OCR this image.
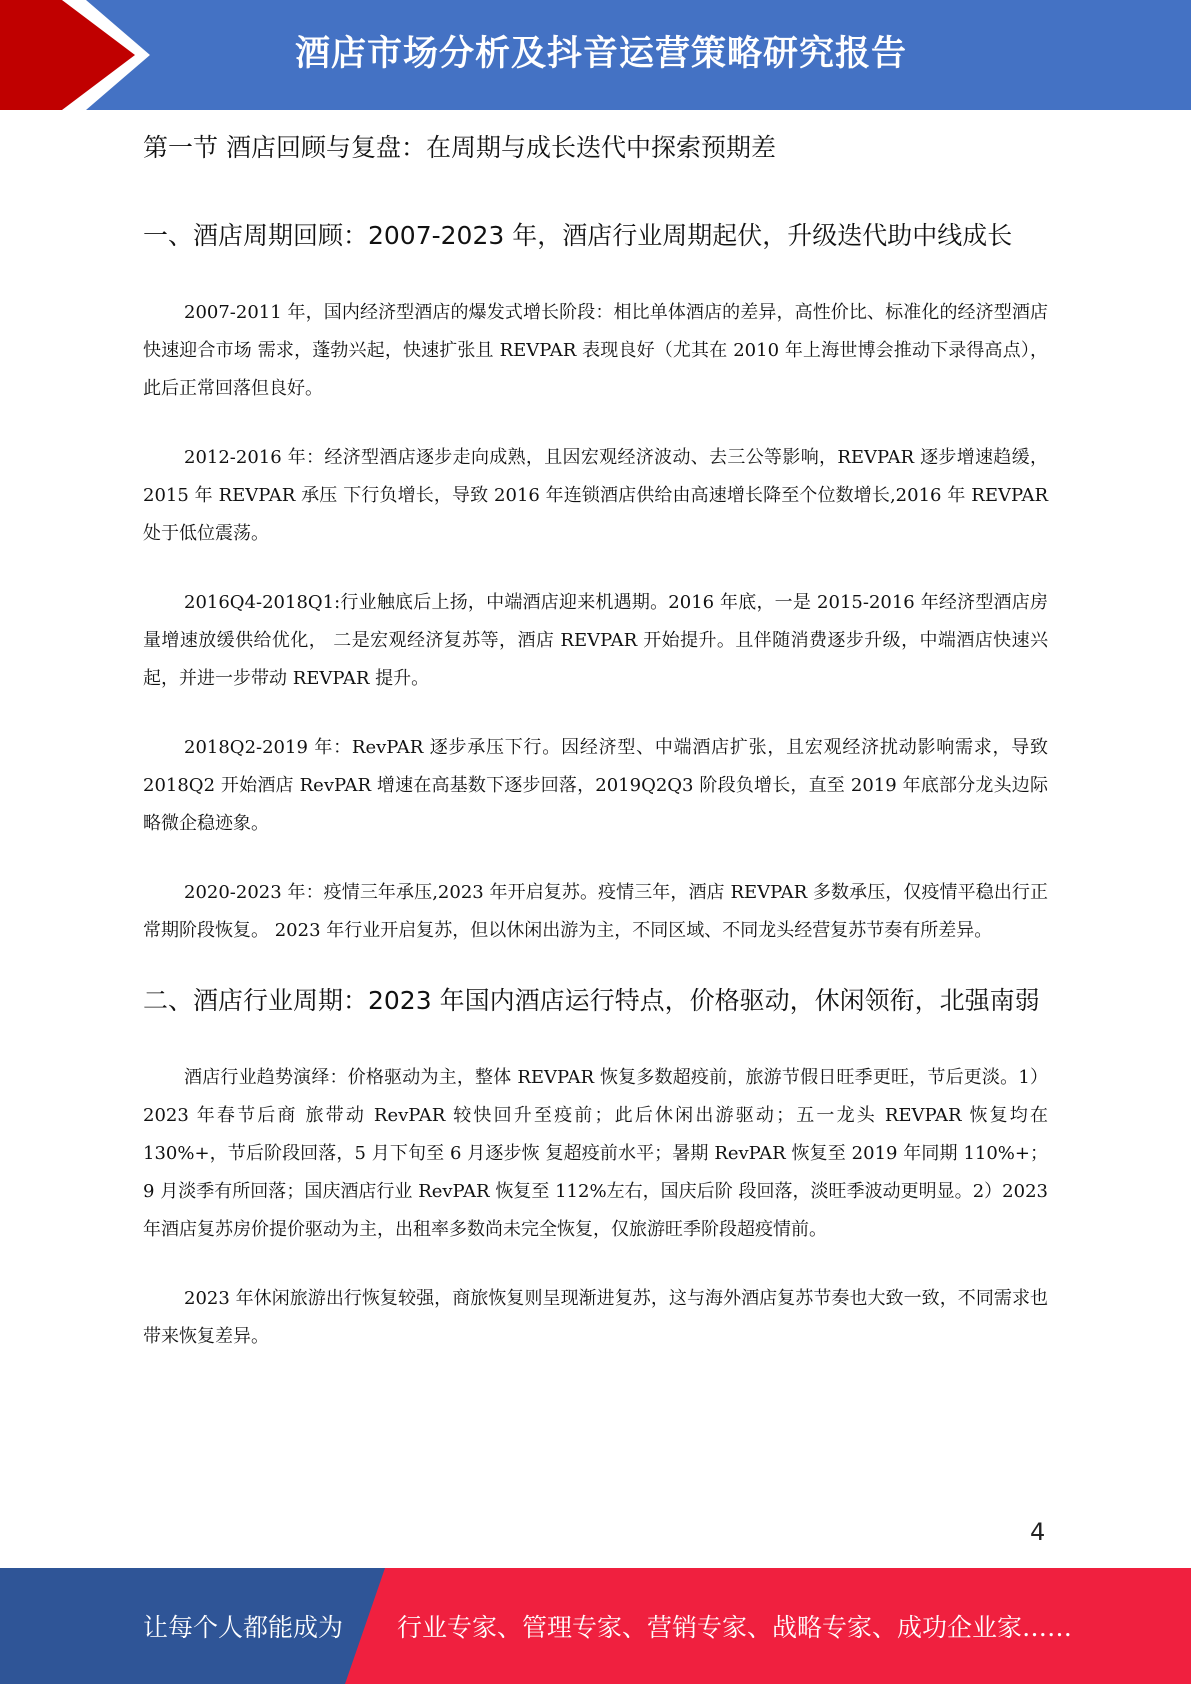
酒店市场分析及抖音运营策略研究报告
第一节 酒店回顾与复盘：在周期与成长迭代中探索预期差
一、酒店周期回顾：2007-2023 年，酒店行业周期起伏，升级迭代助中线成长

2007-2011 年，国内经济型酒店的爆发式增长阶段：相比单体酒店的差异，高性价比、标准化的经济型酒店快速迎合市场 需求，蓬勃兴起，快速扩张且 REVPAR 表现良好（尤其在 2010 年上海世博会推动下录得高点），此后正常回落但良好。

2012-2016 年：经济型酒店逐步走向成熟，且因宏观经济波动、去三公等影响，REVPAR 逐步增速趋缓，2015 年 REVPAR 承压 下行负增长，导致 2016 年连锁酒店供给由高速增长降至个位数增长,2016 年 REVPAR 处于低位震荡。

2016Q4-2018Q1:行业触底后上扬，中端酒店迎来机遇期。2016 年底，一是 2015-2016 年经济型酒店房量增速放缓供给优化， 二是宏观经济复苏等，酒店 REVPAR 开始提升。且伴随消费逐步升级，中端酒店快速兴起，并进一步带动 REVPAR 提升。

2018Q2-2019 年：RevPAR 逐步承压下行。因经济型、中端酒店扩张，且宏观经济扰动影响需求，导致 2018Q2 开始酒店 RevPAR 增速在高基数下逐步回落，2019Q2Q3 阶段负增长，直至 2019 年底部分龙头边际略微企稳迹象。

2020-2023 年：疫情三年承压,2023 年开启复苏。疫情三年，酒店 REVPAR 多数承压，仅疫情平稳出行正常期阶段恢复。 2023 年行业开启复苏，但以休闲出游为主，不同区域、不同龙头经营复苏节奏有所差异。

二、酒店行业周期：2023 年国内酒店运行特点，价格驱动，休闲领衔，北强南弱

酒店行业趋势演绎：价格驱动为主，整体 REVPAR 恢复多数超疫前，旅游节假日旺季更旺，节后更淡。1）2023 年春节后商 旅带动 RevPAR 较快回升至疫前；此后休闲出游驱动；五一龙头 REVPAR 恢复均在 130%+，节后阶段回落，5 月下旬至 6 月逐步恢 复超疫前水平；暑期 RevPAR 恢复至 2019 年同期 110%+；9 月淡季有所回落；国庆酒店行业 RevPAR 恢复至 112%左右，国庆后阶 段回落，淡旺季波动更明显。2）2023 年酒店复苏房价提价驱动为主，出租率多数尚未完全恢复，仅旅游旺季阶段超疫情前。

2023 年休闲旅游出行恢复较强，商旅恢复则呈现渐进复苏，这与海外酒店复苏节奏也大致一致，不同需求也带来恢复差异。

4
让每个人都能成为 行业专家、管理专家、营销专家、战略专家、成功企业家……
